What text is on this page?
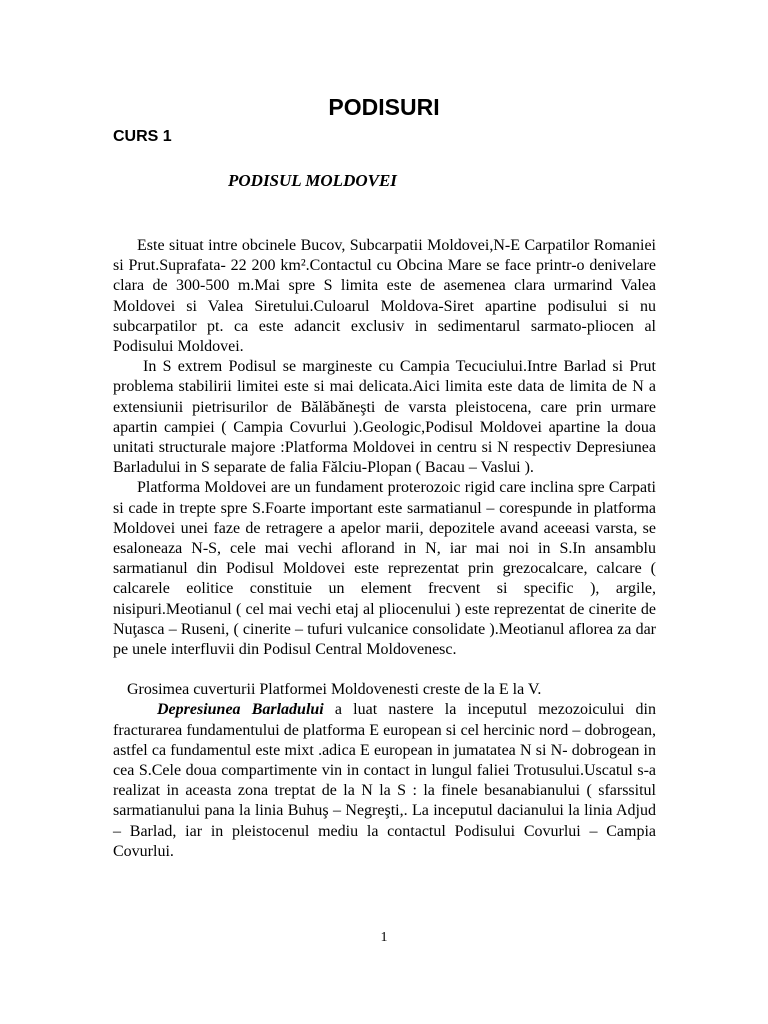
PODISURI
CURS 1
PODISUL MOLDOVEI

Este situat intre obcinele Bucov, Subcarpatii Moldovei,N-E Carpatilor Romaniei si Prut.Suprafata- 22 200 km².Contactul cu Obcina Mare se face printr-o denivelare clara de 300-500 m.Mai spre S limita este de asemenea clara urmarind Valea Moldovei si Valea Siretului.Culoarul Moldova-Siret apartine podisului si nu subcarpatilor pt. ca este adancit exclusiv in sedimentarul sarmato-pliocen al Podisului Moldovei.

In S extrem Podisul se margineste cu Campia Tecuciului.Intre Barlad si Prut problema stabilirii limitei este si mai delicata.Aici limita este data de limita de N a extensiunii pietrisurilor de Bălăbăneşti de varsta pleistocena, care prin urmare apartin campiei ( Campia Covurlui ).Geologic,Podisul Moldovei apartine la doua unitati structurale majore :Platforma Moldovei in centru si N respectiv Depresiunea Barladului in S separate de falia Fălciu-Plopan ( Bacau – Vaslui ).

Platforma Moldovei are un fundament proterozoic rigid care inclina spre Carpati si cade in trepte spre S.Foarte important este sarmatianul – corespunde in platforma Moldovei unei faze de retragere a apelor marii, depozitele avand aceeasi varsta, se esaloneaza N-S, cele mai vechi aflorand in N, iar mai noi in S.In ansamblu sarmatianul din Podisul Moldovei este reprezentat prin grezocalcare, calcare ( calcarele eolitice constituie un element frecvent si specific ), argile, nisipuri.Meotianul ( cel mai vechi etaj al pliocenului ) este reprezentat de cinerite de Nuţasca – Ruseni, ( cinerite – tufuri vulcanice consolidate ).Meotianul aflorea za dar pe unele interfluvii din Podisul Central Moldovenesc.

Grosimea cuverturii Platformei Moldovenesti creste de la E la V.

Depresiunea Barladului a luat nastere la inceputul mezozoicului din fracturarea fundamentului de platforma E european si cel hercinic nord – dobrogean, astfel ca fundamentul este mixt .adica E european in jumatatea N si N- dobrogean in cea S.Cele doua compartimente vin in contact in lungul faliei Trotusului.Uscatul s-a realizat in aceasta zona treptat de la N la S : la finele besanabianului ( sfarssitul sarmatianului pana la linia Buhuş – Negreşti,. La inceputul dacianului la linia Adjud – Barlad, iar in pleistocenul mediu la contactul Podisului Covurlui – Campia Covurlui.

1
